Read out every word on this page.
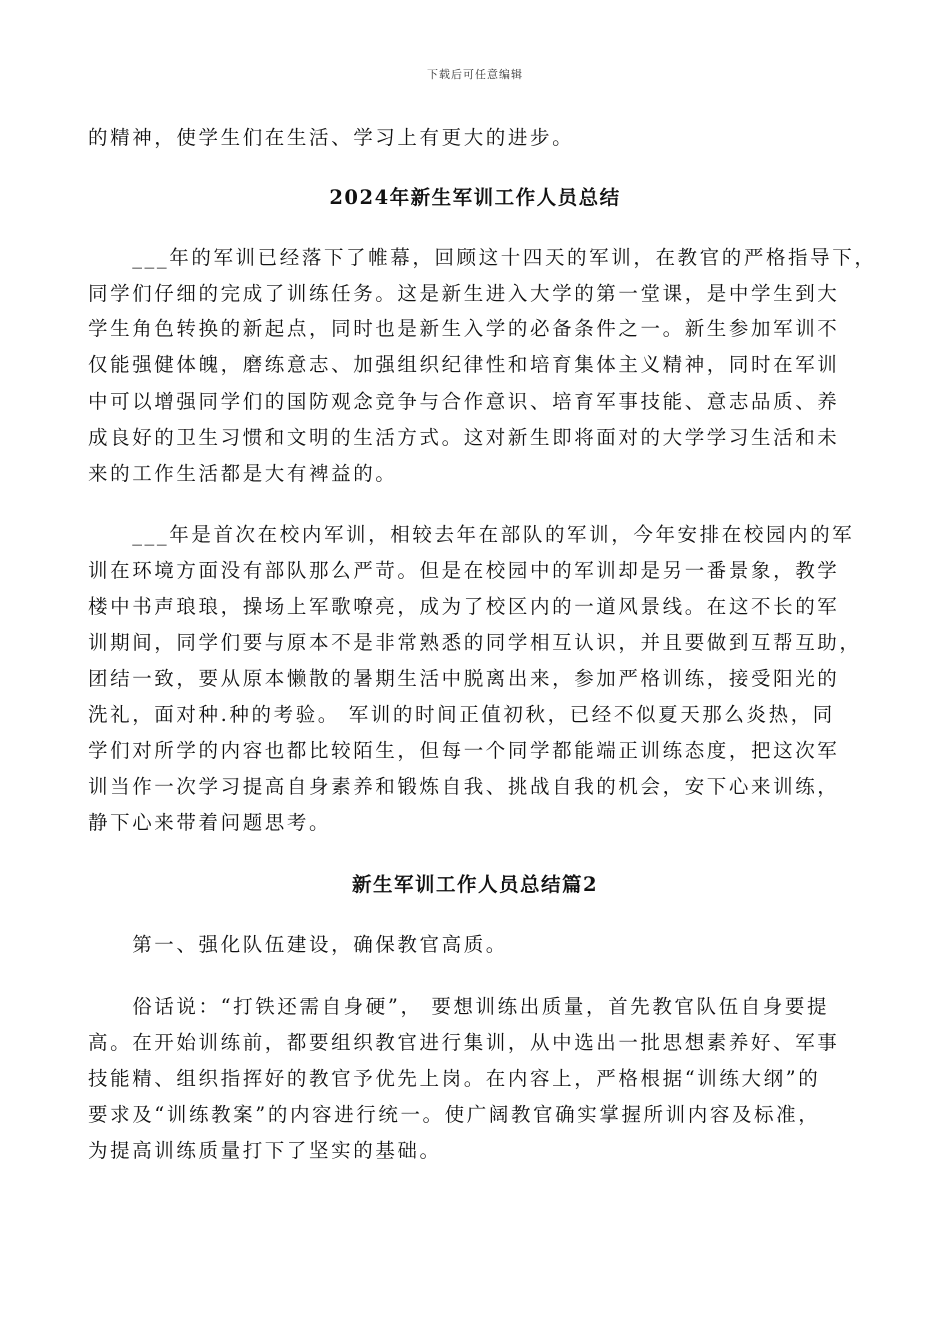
下载后可任意编辑
的精神，使学生们在生活、学习上有更大的进步。
2024年新生军训工作人员总结
　　___年的军训已经落下了帷幕，回顾这十四天的军训，在教官的严格指导下，
同学们仔细的完成了训练任务。这是新生进入大学的第一堂课，是中学生到大
学生角色转换的新起点，同时也是新生入学的必备条件之一。新生参加军训不
仅能强健体魄，磨练意志、加强组织纪律性和培育集体主义精神，同时在军训
中可以增强同学们的国防观念竞争与合作意识、培育军事技能、意志品质、养
成良好的卫生习惯和文明的生活方式。这对新生即将面对的大学学习生活和未
来的工作生活都是大有裨益的。
　　___年是首次在校内军训，相较去年在部队的军训，今年安排在校园内的军
训在环境方面没有部队那么严苛。但是在校园中的军训却是另一番景象，教学
楼中书声琅琅，操场上军歌嘹亮，成为了校区内的一道风景线。在这不长的军
训期间，同学们要与原本不是非常熟悉的同学相互认识，并且要做到互帮互助，
团结一致，要从原本懒散的暑期生活中脱离出来，参加严格训练，接受阳光的
洗礼，面对种.种的考验。 军训的时间正值初秋，已经不似夏天那么炎热，同
学们对所学的内容也都比较陌生，但每一个同学都能端正训练态度，把这次军
训当作一次学习提高自身素养和锻炼自我、挑战自我的机会，安下心来训练，
静下心来带着问题思考。
新生军训工作人员总结篇2
　　第一、强化队伍建设，确保教官高质。
　　俗话说：“打铁还需自身硬”， 要想训练出质量，首先教官队伍自身要提
高。在开始训练前，都要组织教官进行集训，从中选出一批思想素养好、军事
技能精、组织指挥好的教官予优先上岗。在内容上，严格根据“训练大纲”的
要求及“训练教案”的内容进行统一。使广阔教官确实掌握所训内容及标准，
为提高训练质量打下了坚实的基础。
